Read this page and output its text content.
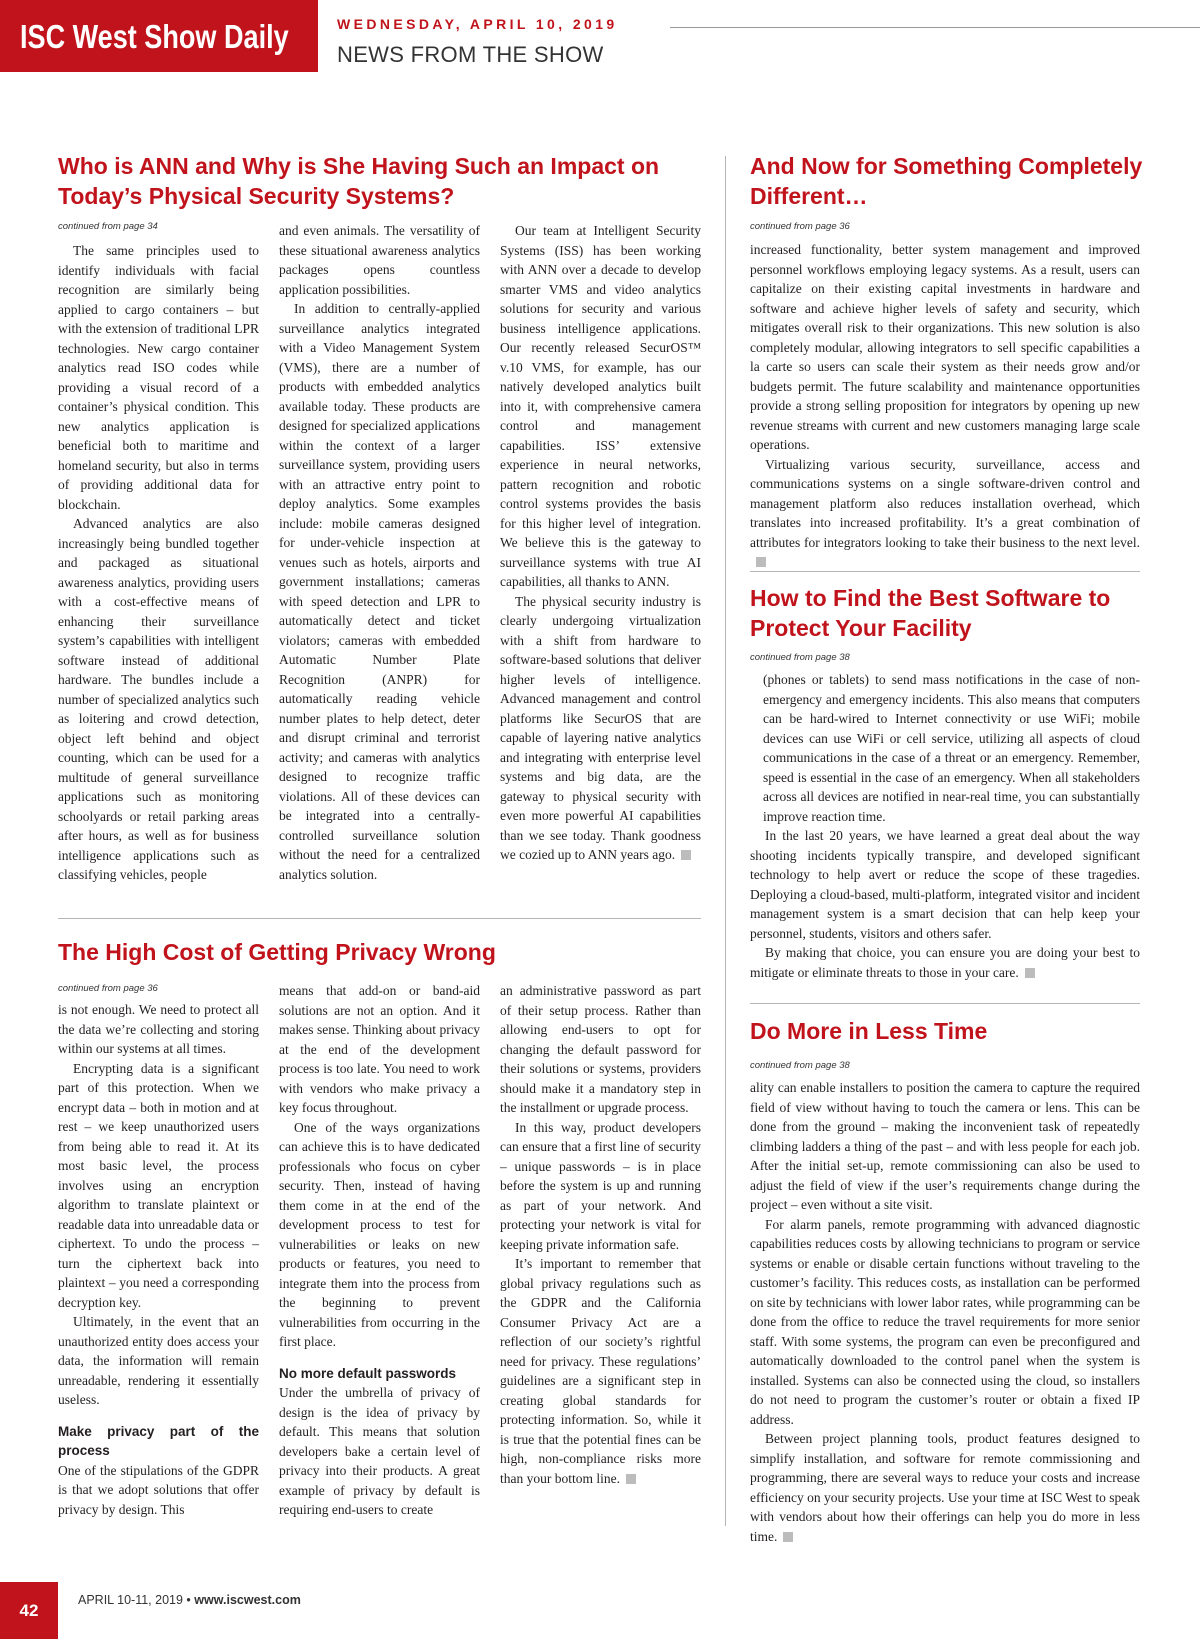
ISC West Show Daily	WEDNESDAY, APRIL 10, 2019
NEWS FROM THE SHOW
Who is ANN and Why is She Having Such an Impact on Today’s Physical Security Systems?
continued from page 34

The same principles used to identify individuals with facial recognition are similarly being applied to cargo containers – but with the extension of traditional LPR technologies. New cargo container analytics read ISO codes while providing a visual record of a container’s physical condition. This new analytics application is beneficial both to maritime and homeland security, but also in terms of providing additional data for blockchain.

Advanced analytics are also increasingly being bundled together and packaged as situational awareness analytics, providing users with a cost-effective means of enhancing their surveillance system’s capabilities with intelligent software instead of additional hardware. The bundles include a number of specialized analytics such as loitering and crowd detection, object left behind and object counting, which can be used for a multitude of general surveillance applications such as monitoring schoolyards or retail parking areas after hours, as well as for business intelligence applications such as classifying vehicles, people

and even animals. The versatility of these situational awareness analytics packages opens countless application possibilities.

In addition to centrally-applied surveillance analytics integrated with a Video Management System (VMS), there are a number of products with embedded analytics available today. These products are designed for specialized applications within the context of a larger surveillance system, providing users with an attractive entry point to deploy analytics. Some examples include: mobile cameras designed for under-vehicle inspection at venues such as hotels, airports and government installations; cameras with speed detection and LPR to automatically detect and ticket violators; cameras with embedded Automatic Number Plate Recognition (ANPR) for automatically reading vehicle number plates to help detect, deter and disrupt criminal and terrorist activity; and cameras with analytics designed to recognize traffic violations. All of these devices can be integrated into a centrally-controlled surveillance solution without the need for a centralized analytics solution.

Our team at Intelligent Security Systems (ISS) has been working with ANN over a decade to develop smarter VMS and video analytics solutions for security and various business intelligence applications. Our recently released SecurOS™ v.10 VMS, for example, has our natively developed analytics built into it, with comprehensive camera control and management capabilities. ISS’ extensive experience in neural networks, pattern recognition and robotic control systems provides the basis for this higher level of integration. We believe this is the gateway to surveillance systems with true AI capabilities, all thanks to ANN.

The physical security industry is clearly undergoing virtualization with a shift from hardware to software-based solutions that deliver higher levels of intelligence. Advanced management and control platforms like SecurOS that are capable of layering native analytics and integrating with enterprise level systems and big data, are the gateway to physical security with even more powerful AI capabilities than we see today. Thank goodness we cozied up to ANN years ago.

The High Cost of Getting Privacy Wrong
continued from page 36

is not enough. We need to protect all the data we’re collecting and storing within our systems at all times.

Encrypting data is a significant part of this protection. When we encrypt data – both in motion and at rest – we keep unauthorized users from being able to read it. At its most basic level, the process involves using an encryption algorithm to translate plaintext or readable data into unreadable data or ciphertext. To undo the process – turn the ciphertext back into plaintext – you need a corresponding decryption key.

Ultimately, in the event that an unauthorized entity does access your data, the information will remain unreadable, rendering it essentially useless.

Make privacy part of the process

One of the stipulations of the GDPR is that we adopt solutions that offer privacy by design. This

means that add-on or band-aid solutions are not an option. And it makes sense. Thinking about privacy at the end of the development process is too late. You need to work with vendors who make privacy a key focus throughout.

One of the ways organizations can achieve this is to have dedicated professionals who focus on cyber security. Then, instead of having them come in at the end of the development process to test for vulnerabilities or leaks on new products or features, you need to integrate them into the process from the beginning to prevent vulnerabilities from occurring in the first place.

No more default passwords

Under the umbrella of privacy of design is the idea of privacy by default. This means that solution developers bake a certain level of privacy into their products. A great example of privacy by default is requiring end-users to create

an administrative password as part of their setup process. Rather than allowing end-users to opt for changing the default password for their solutions or systems, providers should make it a mandatory step in the installment or upgrade process.

In this way, product developers can ensure that a first line of security – unique passwords – is in place before the system is up and running as part of your network. And protecting your network is vital for keeping private information safe.

It’s important to remember that global privacy regulations such as the GDPR and the California Consumer Privacy Act are a reflection of our society’s rightful need for privacy. These regulations’ guidelines are a significant step in creating global standards for protecting information. So, while it is true that the potential fines can be high, non-compliance risks more than your bottom line.

And Now for Something Completely Different…
continued from page 36

increased functionality, better system management and improved personnel workflows employing legacy systems. As a result, users can capitalize on their existing capital investments in hardware and software and achieve higher levels of safety and security, which mitigates overall risk to their organizations. This new solution is also completely modular, allowing integrators to sell specific capabilities a la carte so users can scale their system as their needs grow and/or budgets permit. The future scalability and maintenance opportunities provide a strong selling proposition for integrators by opening up new revenue streams with current and new customers managing large scale operations.

Virtualizing various security, surveillance, access and communications systems on a single software-driven control and management platform also reduces installation overhead, which translates into increased profitability. It’s a great combination of attributes for integrators looking to take their business to the next level.

How to Find the Best Software to Protect Your Facility
continued from page 38

(phones or tablets) to send mass notifications in the case of non-emergency and emergency incidents. This also means that computers can be hard-wired to Internet connectivity or use WiFi; mobile devices can use WiFi or cell service, utilizing all aspects of cloud communications in the case of a threat or an emergency. Remember, speed is essential in the case of an emergency. When all stakeholders across all devices are notified in near-real time, you can substantially improve reaction time.

In the last 20 years, we have learned a great deal about the way shooting incidents typically transpire, and developed significant technology to help avert or reduce the scope of these tragedies. Deploying a cloud-based, multi-platform, integrated visitor and incident management system is a smart decision that can help keep your personnel, students, visitors and others safer.

By making that choice, you can ensure you are doing your best to mitigate or eliminate threats to those in your care.

Do More in Less Time
continued from page 38

ality can enable installers to position the camera to capture the required field of view without having to touch the camera or lens. This can be done from the ground – making the inconvenient task of repeatedly climbing ladders a thing of the past – and with less people for each job. After the initial set-up, remote commissioning can also be used to adjust the field of view if the user’s requirements change during the project – even without a site visit.

For alarm panels, remote programming with advanced diagnostic capabilities reduces costs by allowing technicians to program or service systems or enable or disable certain functions without traveling to the customer’s facility. This reduces costs, as installation can be performed on site by technicians with lower labor rates, while programming can be done from the office to reduce the travel requirements for more senior staff. With some systems, the program can even be preconfigured and automatically downloaded to the control panel when the system is installed. Systems can also be connected using the cloud, so installers do not need to program the customer’s router or obtain a fixed IP address.

Between project planning tools, product features designed to simplify installation, and software for remote commissioning and programming, there are several ways to reduce your costs and increase efficiency on your security projects. Use your time at ISC West to speak with vendors about how their offerings can help you do more in less time.

42
APRIL 10-11, 2019 • www.iscwest.com
